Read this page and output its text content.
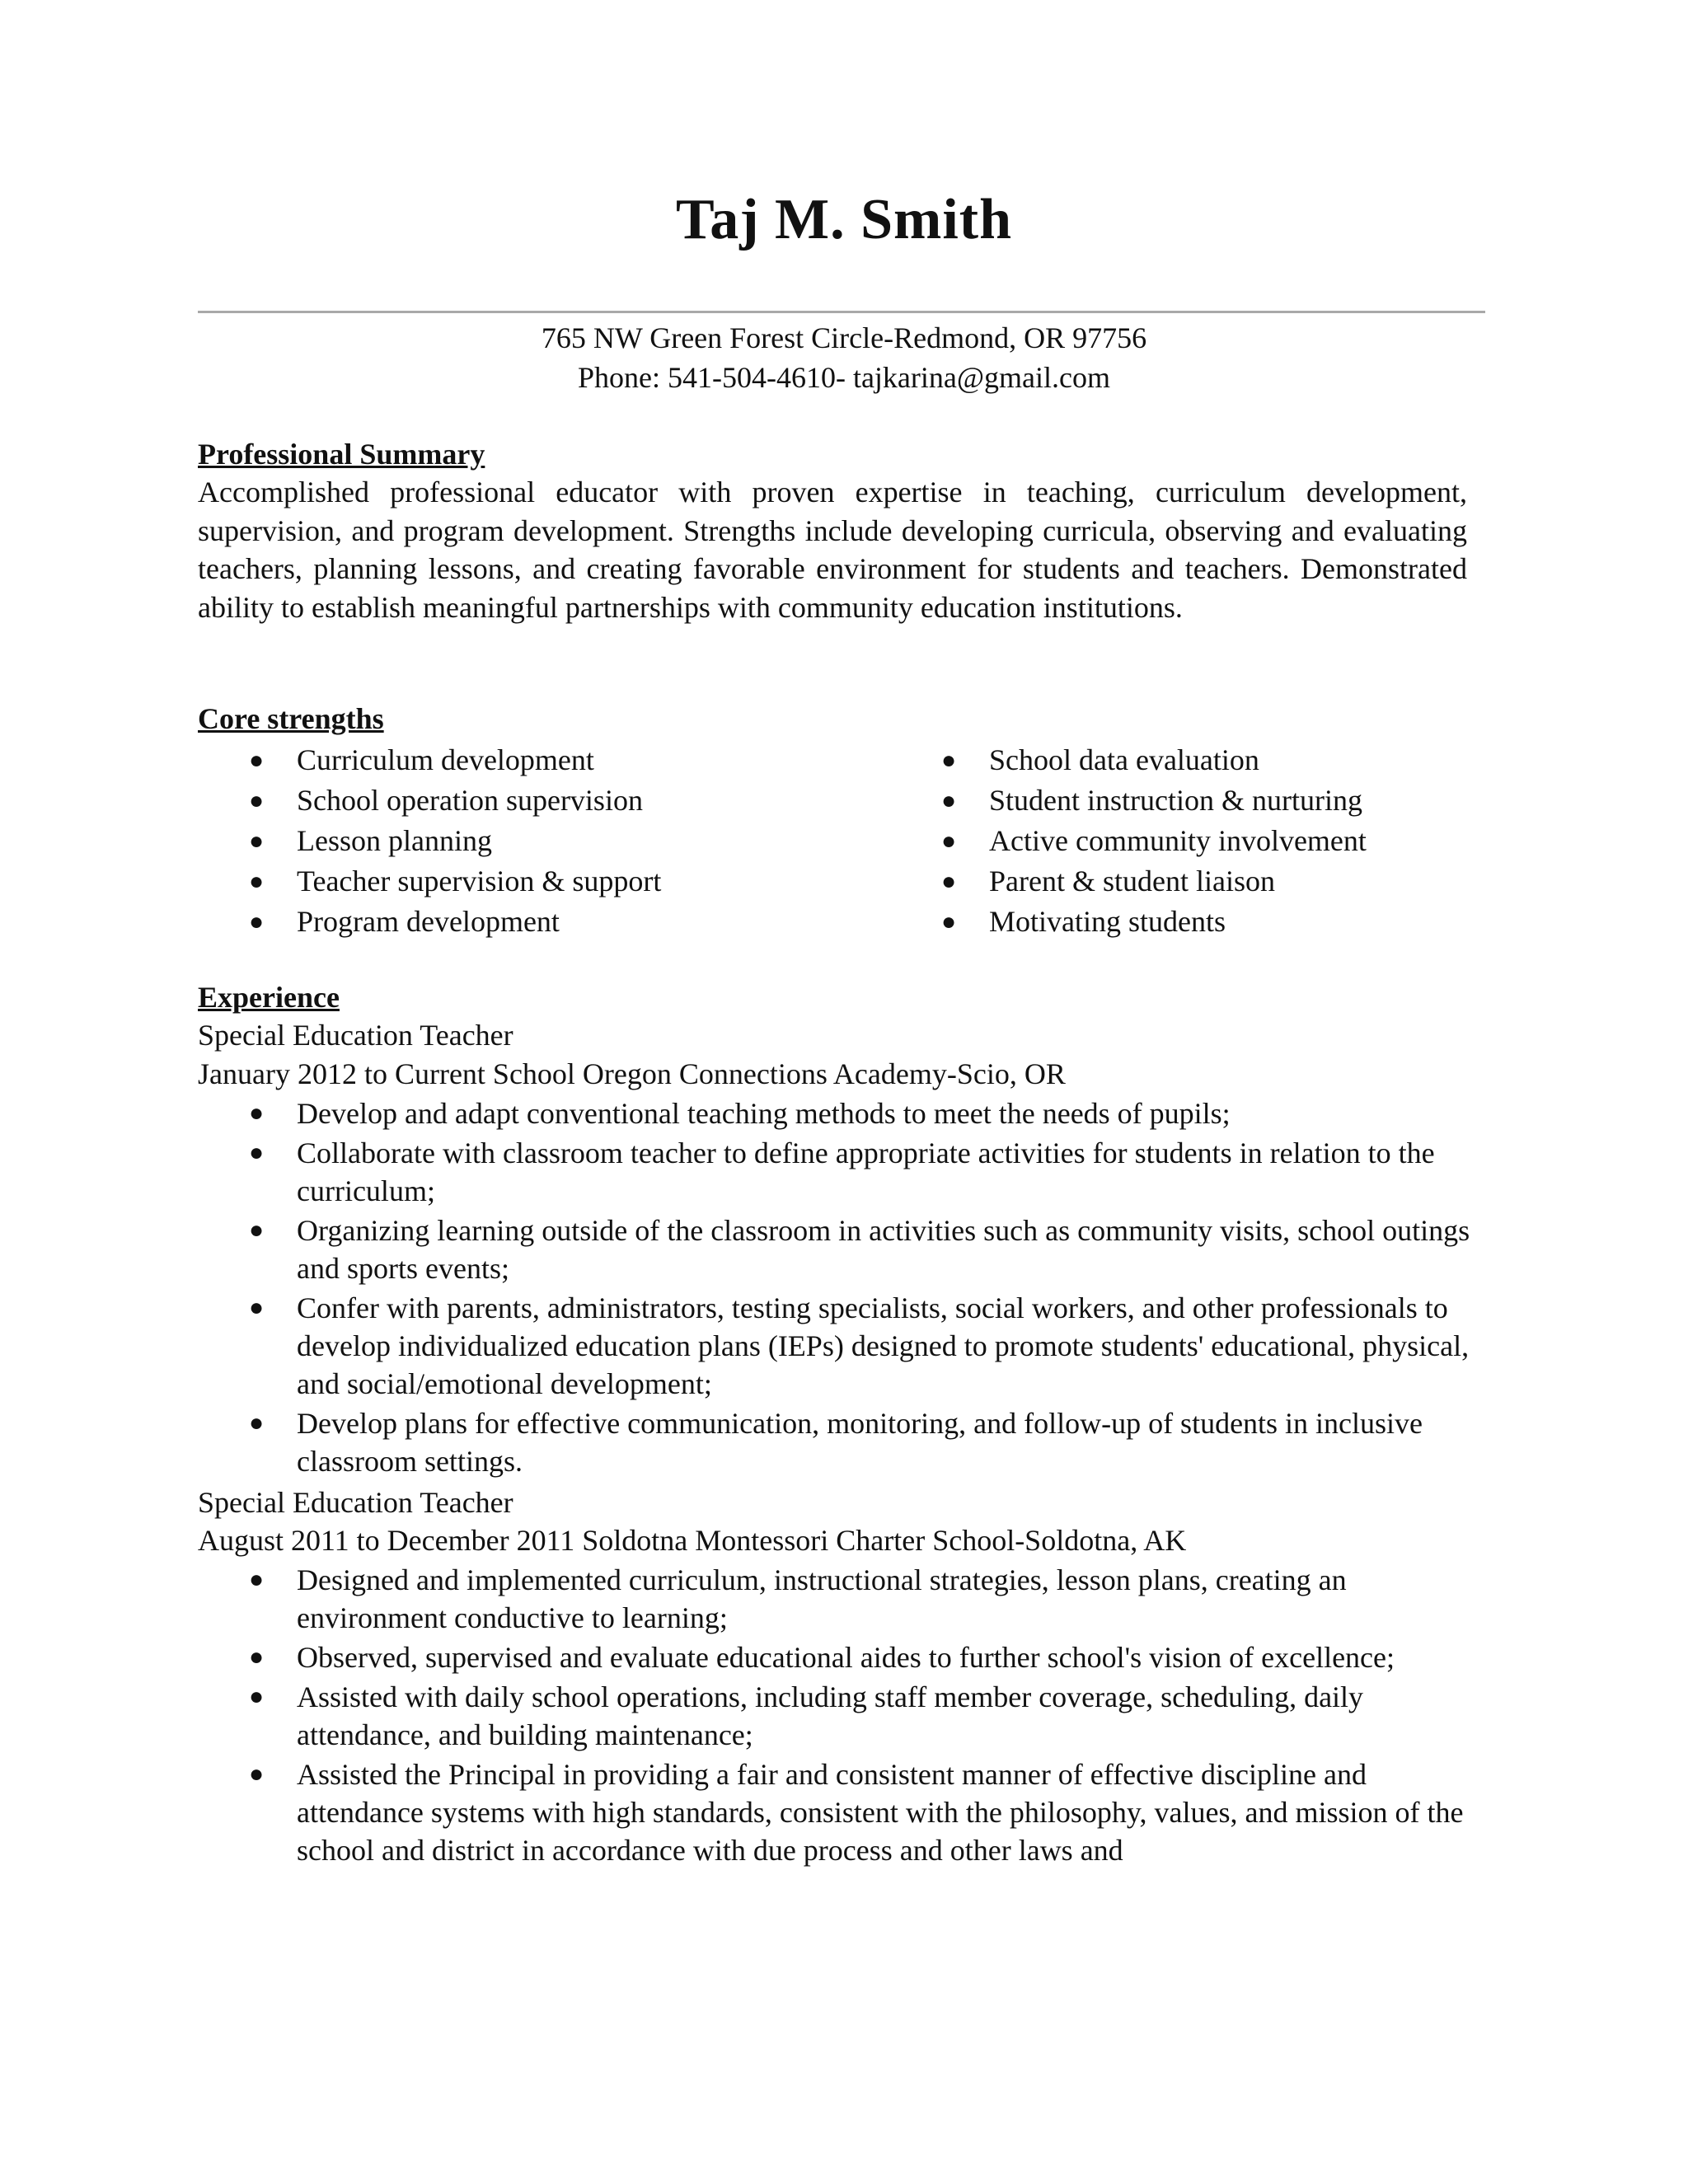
Taj M. Smith
765 NW Green Forest Circle-Redmond, OR 97756
Phone: 541-504-4610- tajkarina@gmail.com
Professional Summary

Accomplished professional educator with proven expertise in teaching, curriculum development, supervision, and program development. Strengths include developing curricula, observing and evaluating teachers, planning lessons, and creating favorable environment for students and teachers. Demonstrated ability to establish meaningful partnerships with community education institutions.

Core strengths
● Curriculum development
● School operation supervision
● Lesson planning
● Teacher supervision & support
● Program development
● School data evaluation
● Student instruction & nurturing
● Active community involvement
● Parent & student liaison
● Motivating students
Experience
Special Education Teacher
January 2012 to Current School Oregon Connections Academy-Scio, OR
● Develop and adapt conventional teaching methods to meet the needs of pupils;
● Collaborate with classroom teacher to define appropriate activities for students in relation to the curriculum;
● Organizing learning outside of the classroom in activities such as community visits, school outings and sports events;
● Confer with parents, administrators, testing specialists, social workers, and other professionals to develop individualized education plans (IEPs) designed to promote students' educational, physical, and social/emotional development;
● Develop plans for effective communication, monitoring, and follow-up of students in inclusive classroom settings.
Special Education Teacher
August 2011 to December 2011 Soldotna Montessori Charter School-Soldotna, AK
● Designed and implemented curriculum, instructional strategies, lesson plans, creating an environment conductive to learning;
● Observed, supervised and evaluate educational aides to further school's vision of excellence;
● Assisted with daily school operations, including staff member coverage, scheduling, daily attendance, and building maintenance;
● Assisted the Principal in providing a fair and consistent manner of effective discipline and attendance systems with high standards, consistent with the philosophy, values, and mission of the school and district in accordance with due process and other laws and
